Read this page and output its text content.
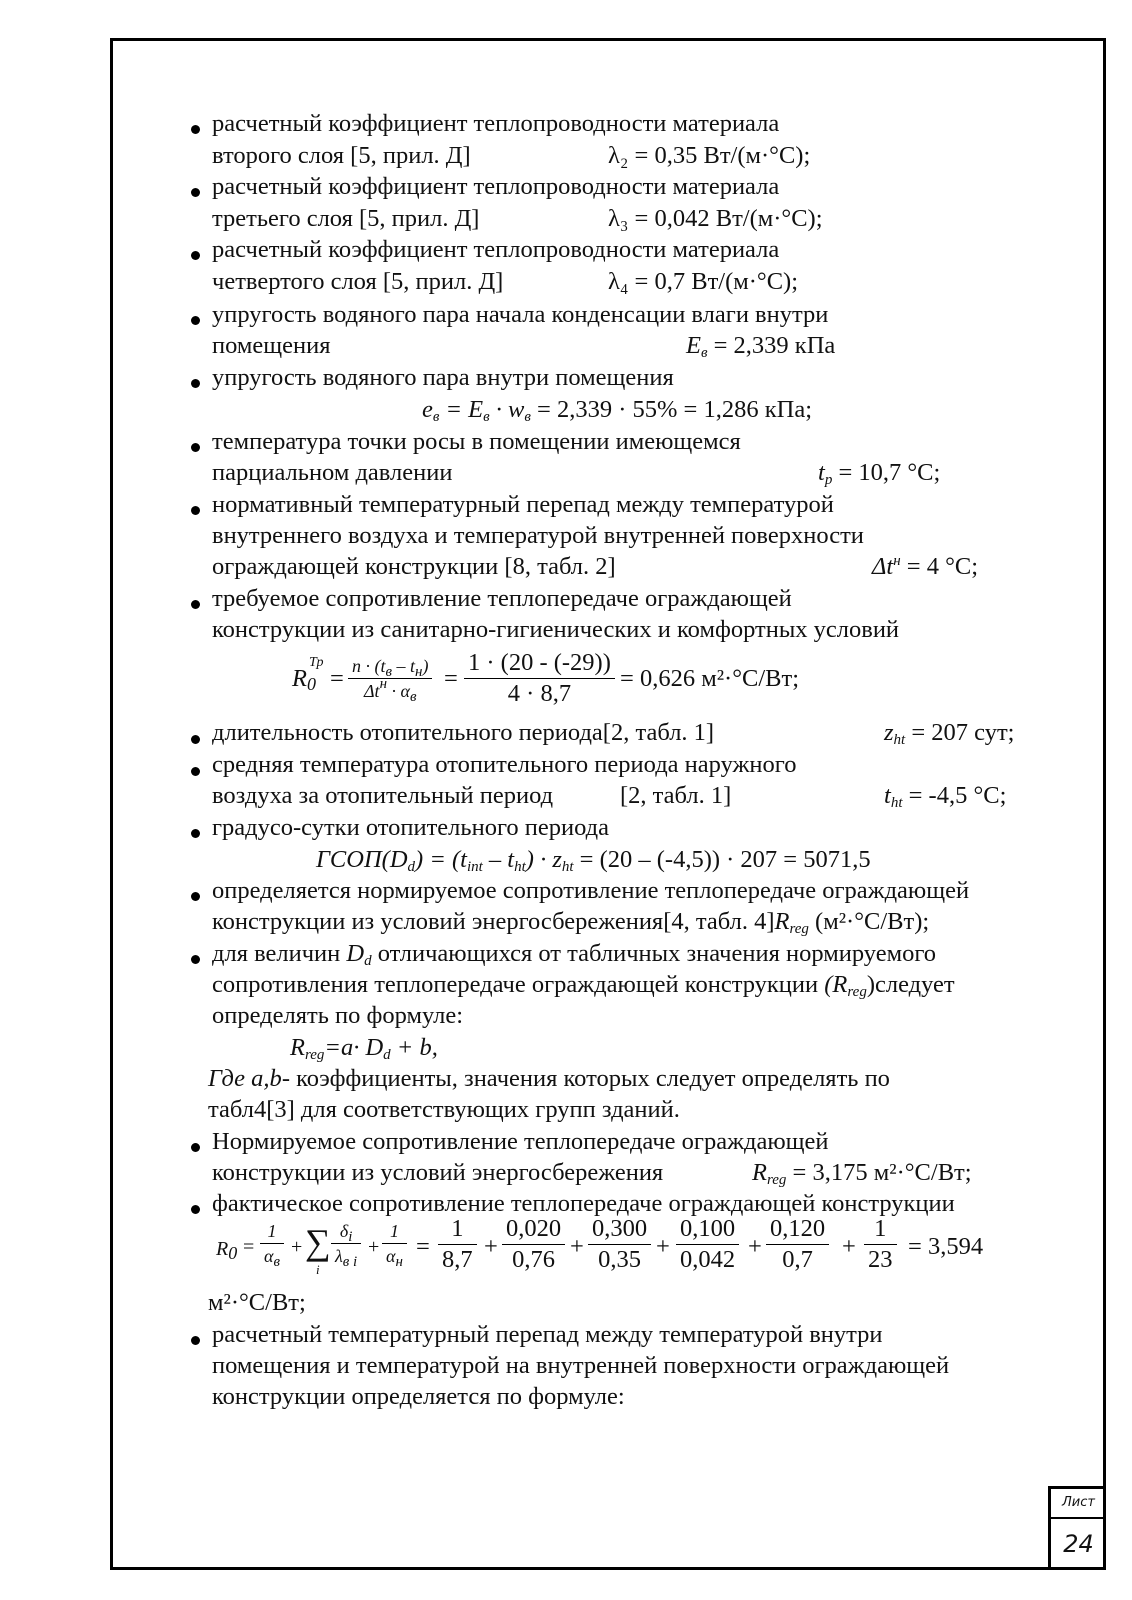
расчетный коэффициент теплопроводности материала
второго слоя [5, прил. Д]	λ₂ = 0,35 Вт/(м·°С);
расчетный коэффициент теплопроводности материала
третьего слоя [5, прил. Д]	λ₃ = 0,042 Вт/(м·°С);
расчетный коэффициент теплопроводности материала
четвертого слоя [5, прил. Д]	λ₄ = 0,7 Вт/(м·°С);
упругость водяного пара начала конденсации влаги внутри
помещения	$E_в = 2,339$ кПа
упругость водяного пара внутри помещения
$e_в = E_в \cdot w_в = 2,339 \cdot 55\% = 1,286$ кПа;
температура точки росы в помещении имеющемся
парциальном давлении	$t_p = 10,7$ °С;
нормативный температурный перепад между температурой
внутреннего воздуха и температурой внутренней поверхности
ограждающей конструкции [8, табл. 2]	$\Delta t^н = 4$ °С;
требуемое сопротивление теплопередаче ограждающей
конструкции из санитарно-гигиенических и комфортных условий
$R_0$
Тр
= $n \cdot (t_в - t_н)$
$\Delta t^н \cdot \alpha_в$
= $\frac{1 \cdot (20 - (-29))}{4 \cdot 8,7} = 0,626$ м²·°С/Вт;
длительность отопительного периода[2, табл. 1]	$z_{ht} = 207$ сут;
средняя температура отопительного периода наружного
воздуха за отопительный период	[2, табл. 1]	$t_{ht} = -4,5$ °С;
градусо-сутки отопительного периода
$ГСОП(D_d) = (t_{int} - t_{ht}) \cdot z_{ht} = (20 - (-4,5)) \cdot 207 = 5071,5$
определяется нормируемое сопротивление теплопередаче ограждающей
конструкции из условий энергосбережения[4, табл. $4]R_{reg}$ (м²·°С/Вт);
для величин $D_d$ отличающихся от табличных значения нормируемого
сопротивления теплопередаче ограждающей конструкции $(R_{reg})следует$
определять по формуле:
$R_{reg}=a\cdot D_d + b$,
Где a,b- коэффициенты, значения которых следует определять по
табл4[3] для соответствующих групп зданий.
Нормируемое сопротивление теплопередаче ограждающей
конструкции из условий энергосбережения	$R_{reg} = 3,175$ м²·°С/Вт;
фактическое сопротивление теплопередаче ограждающей конструкции
$R_0$ =
1
$\alpha_в$
+ ∑
i
$\delta_i$
$\lambda_{в i}$
+
1
$\alpha_н$
= $\frac{1}{8,7} + \frac{0,020}{0,76} + \frac{0,300}{0,35} + \frac{0,100}{0,042} + \frac{0,120}{0,7} + \frac{1}{23} = 3,594$
м²·°С/Вт;
расчетный температурный перепад между температурой внутри
помещения и температурой на внутренней поверхности ограждающей
конструкции определяется по формуле:
Лист
24
